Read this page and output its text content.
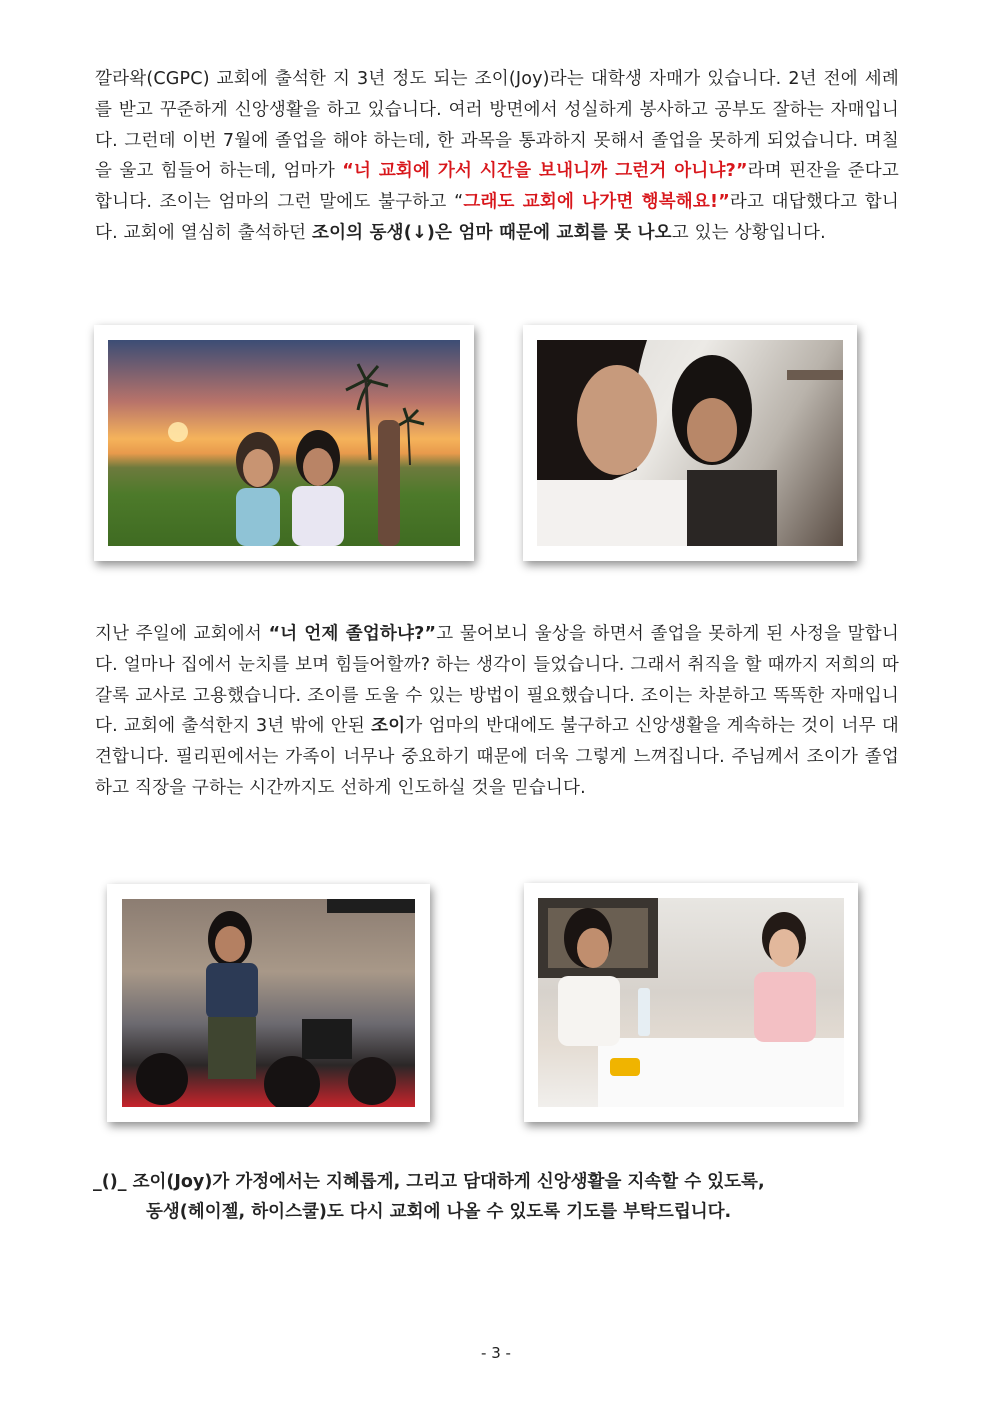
깔라왁(CGPC) 교회에 출석한 지 3년 정도 되는 조이(Joy)라는 대학생 자매가 있습니다. 2년 전에 세례를 받고 꾸준하게 신앙생활을 하고 있습니다. 여러 방면에서 성실하게 봉사하고 공부도 잘하는 자매입니다. 그런데 이번 7월에 졸업을 해야 하는데, 한 과목을 통과하지 못해서 졸업을 못하게 되었습니다. 며칠을 울고 힘들어 하는데, 엄마가 “너 교회에 가서 시간을 보내니까 그런거 아니냐?”라며 핀잔을 준다고 합니다. 조이는 엄마의 그런 말에도 불구하고 “그래도 교회에 나가면 행복해요!”라고 대답했다고 합니다. 교회에 열심히 출석하던 조이의 동생(↓)은 엄마 때문에 교회를 못 나오고 있는 상황입니다.
지난 주일에 교회에서 “너 언제 졸업하냐?”고 물어보니 울상을 하면서 졸업을 못하게 된 사정을 말합니다. 얼마나 집에서 눈치를 보며 힘들어할까? 하는 생각이 들었습니다. 그래서 취직을 할 때까지 저희의 따갈록 교사로 고용했습니다. 조이를 도울 수 있는 방법이 필요했습니다. 조이는 차분하고 똑똑한 자매입니다. 교회에 출석한지 3년 밖에 안된 조이가 엄마의 반대에도 불구하고 신앙생활을 계속하는 것이 너무 대견합니다. 필리핀에서는 가족이 너무나 중요하기 때문에 더욱 그렇게 느껴집니다. 주님께서 조이가 졸업하고 직장을 구하는 시간까지도 선하게 인도하실 것을 믿습니다.
_()_ 조이(Joy)가 가정에서는 지혜롭게, 그리고 담대하게 신앙생활을 지속할 수 있도록,
동생(헤이젤, 하이스쿨)도 다시 교회에 나올 수 있도록 기도를 부탁드립니다.
- 3 -
